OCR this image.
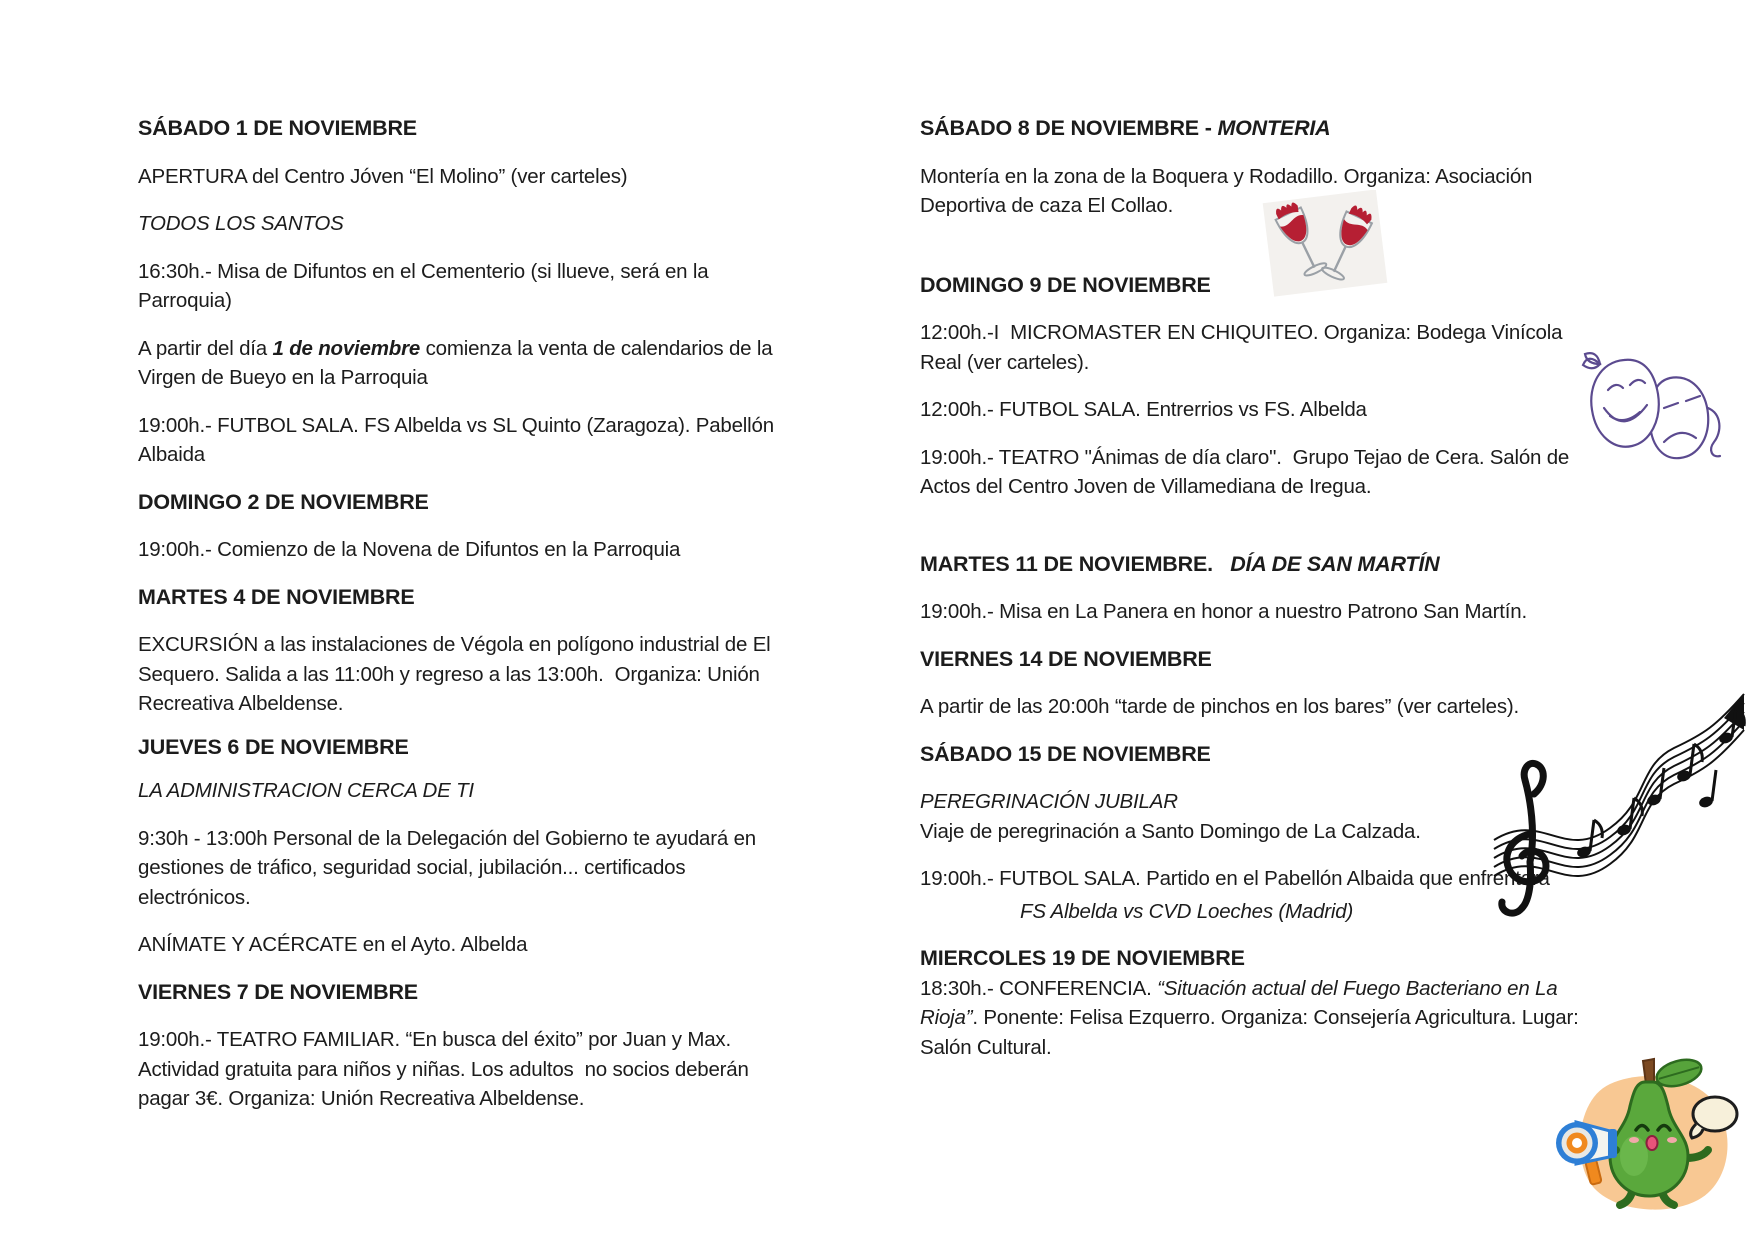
SÁBADO 1 DE NOVIEMBRE

APERTURA del Centro Jóven “El Molino” (ver carteles)

TODOS LOS SANTOS

16:30h.- Misa de Difuntos en el Cementerio (si llueve, será en la
Parroquia)

A partir del día 1 de noviembre comienza la venta de calendarios de la
Virgen de Bueyo en la Parroquia

19:00h.- FUTBOL SALA. FS Albelda vs SL Quinto (Zaragoza). Pabellón
Albaida

DOMINGO 2 DE NOVIEMBRE

19:00h.- Comienzo de la Novena de Difuntos en la Parroquia

MARTES 4 DE NOVIEMBRE

EXCURSIÓN a las instalaciones de Végola en polígono industrial de El
Sequero. Salida a las 11:00h y regreso a las 13:00h.  Organiza: Unión
Recreativa Albeldense.

JUEVES 6 DE NOVIEMBRE

LA ADMINISTRACION CERCA DE TI

9:30h - 13:00h Personal de la Delegación del Gobierno te ayudará en
gestiones de tráfico, seguridad social, jubilación... certificados
electrónicos.

ANÍMATE Y ACÉRCATE en el Ayto. Albelda

VIERNES 7 DE NOVIEMBRE

19:00h.- TEATRO FAMILIAR. “En busca del éxito” por Juan y Max.
Actividad gratuita para niños y niñas. Los adultos  no socios deberán
pagar 3€. Organiza: Unión Recreativa Albeldense.

SÁBADO 8 DE NOVIEMBRE - MONTERIA

Montería en la zona de la Boquera y Rodadillo. Organiza: Asociación
Deportiva de caza El Collao.

DOMINGO 9 DE NOVIEMBRE

12:00h.-I  MICROMASTER EN CHIQUITEO. Organiza: Bodega Vinícola
Real (ver carteles).

12:00h.- FUTBOL SALA. Entrerrios vs FS. Albelda

19:00h.- TEATRO "Ánimas de día claro".  Grupo Tejao de Cera. Salón de
Actos del Centro Joven de Villamediana de Iregua.

MARTES 11 DE NOVIEMBRE.   DÍA DE SAN MARTÍN

19:00h.- Misa en La Panera en honor a nuestro Patrono San Martín.

VIERNES 14 DE NOVIEMBRE

A partir de las 20:00h “tarde de pinchos en los bares” (ver carteles).

SÁBADO 15 DE NOVIEMBRE

PEREGRINACIÓN JUBILAR

Viaje de peregrinación a Santo Domingo de La Calzada.

19:00h.- FUTBOL SALA. Partido en el Pabellón Albaida que enfrentará

FS Albelda vs CVD Loeches (Madrid)

MIERCOLES 19 DE NOVIEMBRE

18:30h.- CONFERENCIA. “Situación actual del Fuego Bacteriano en La
Rioja”. Ponente: Felisa Ezquerro. Organiza: Consejería Agricultura. Lugar:
Salón Cultural.
